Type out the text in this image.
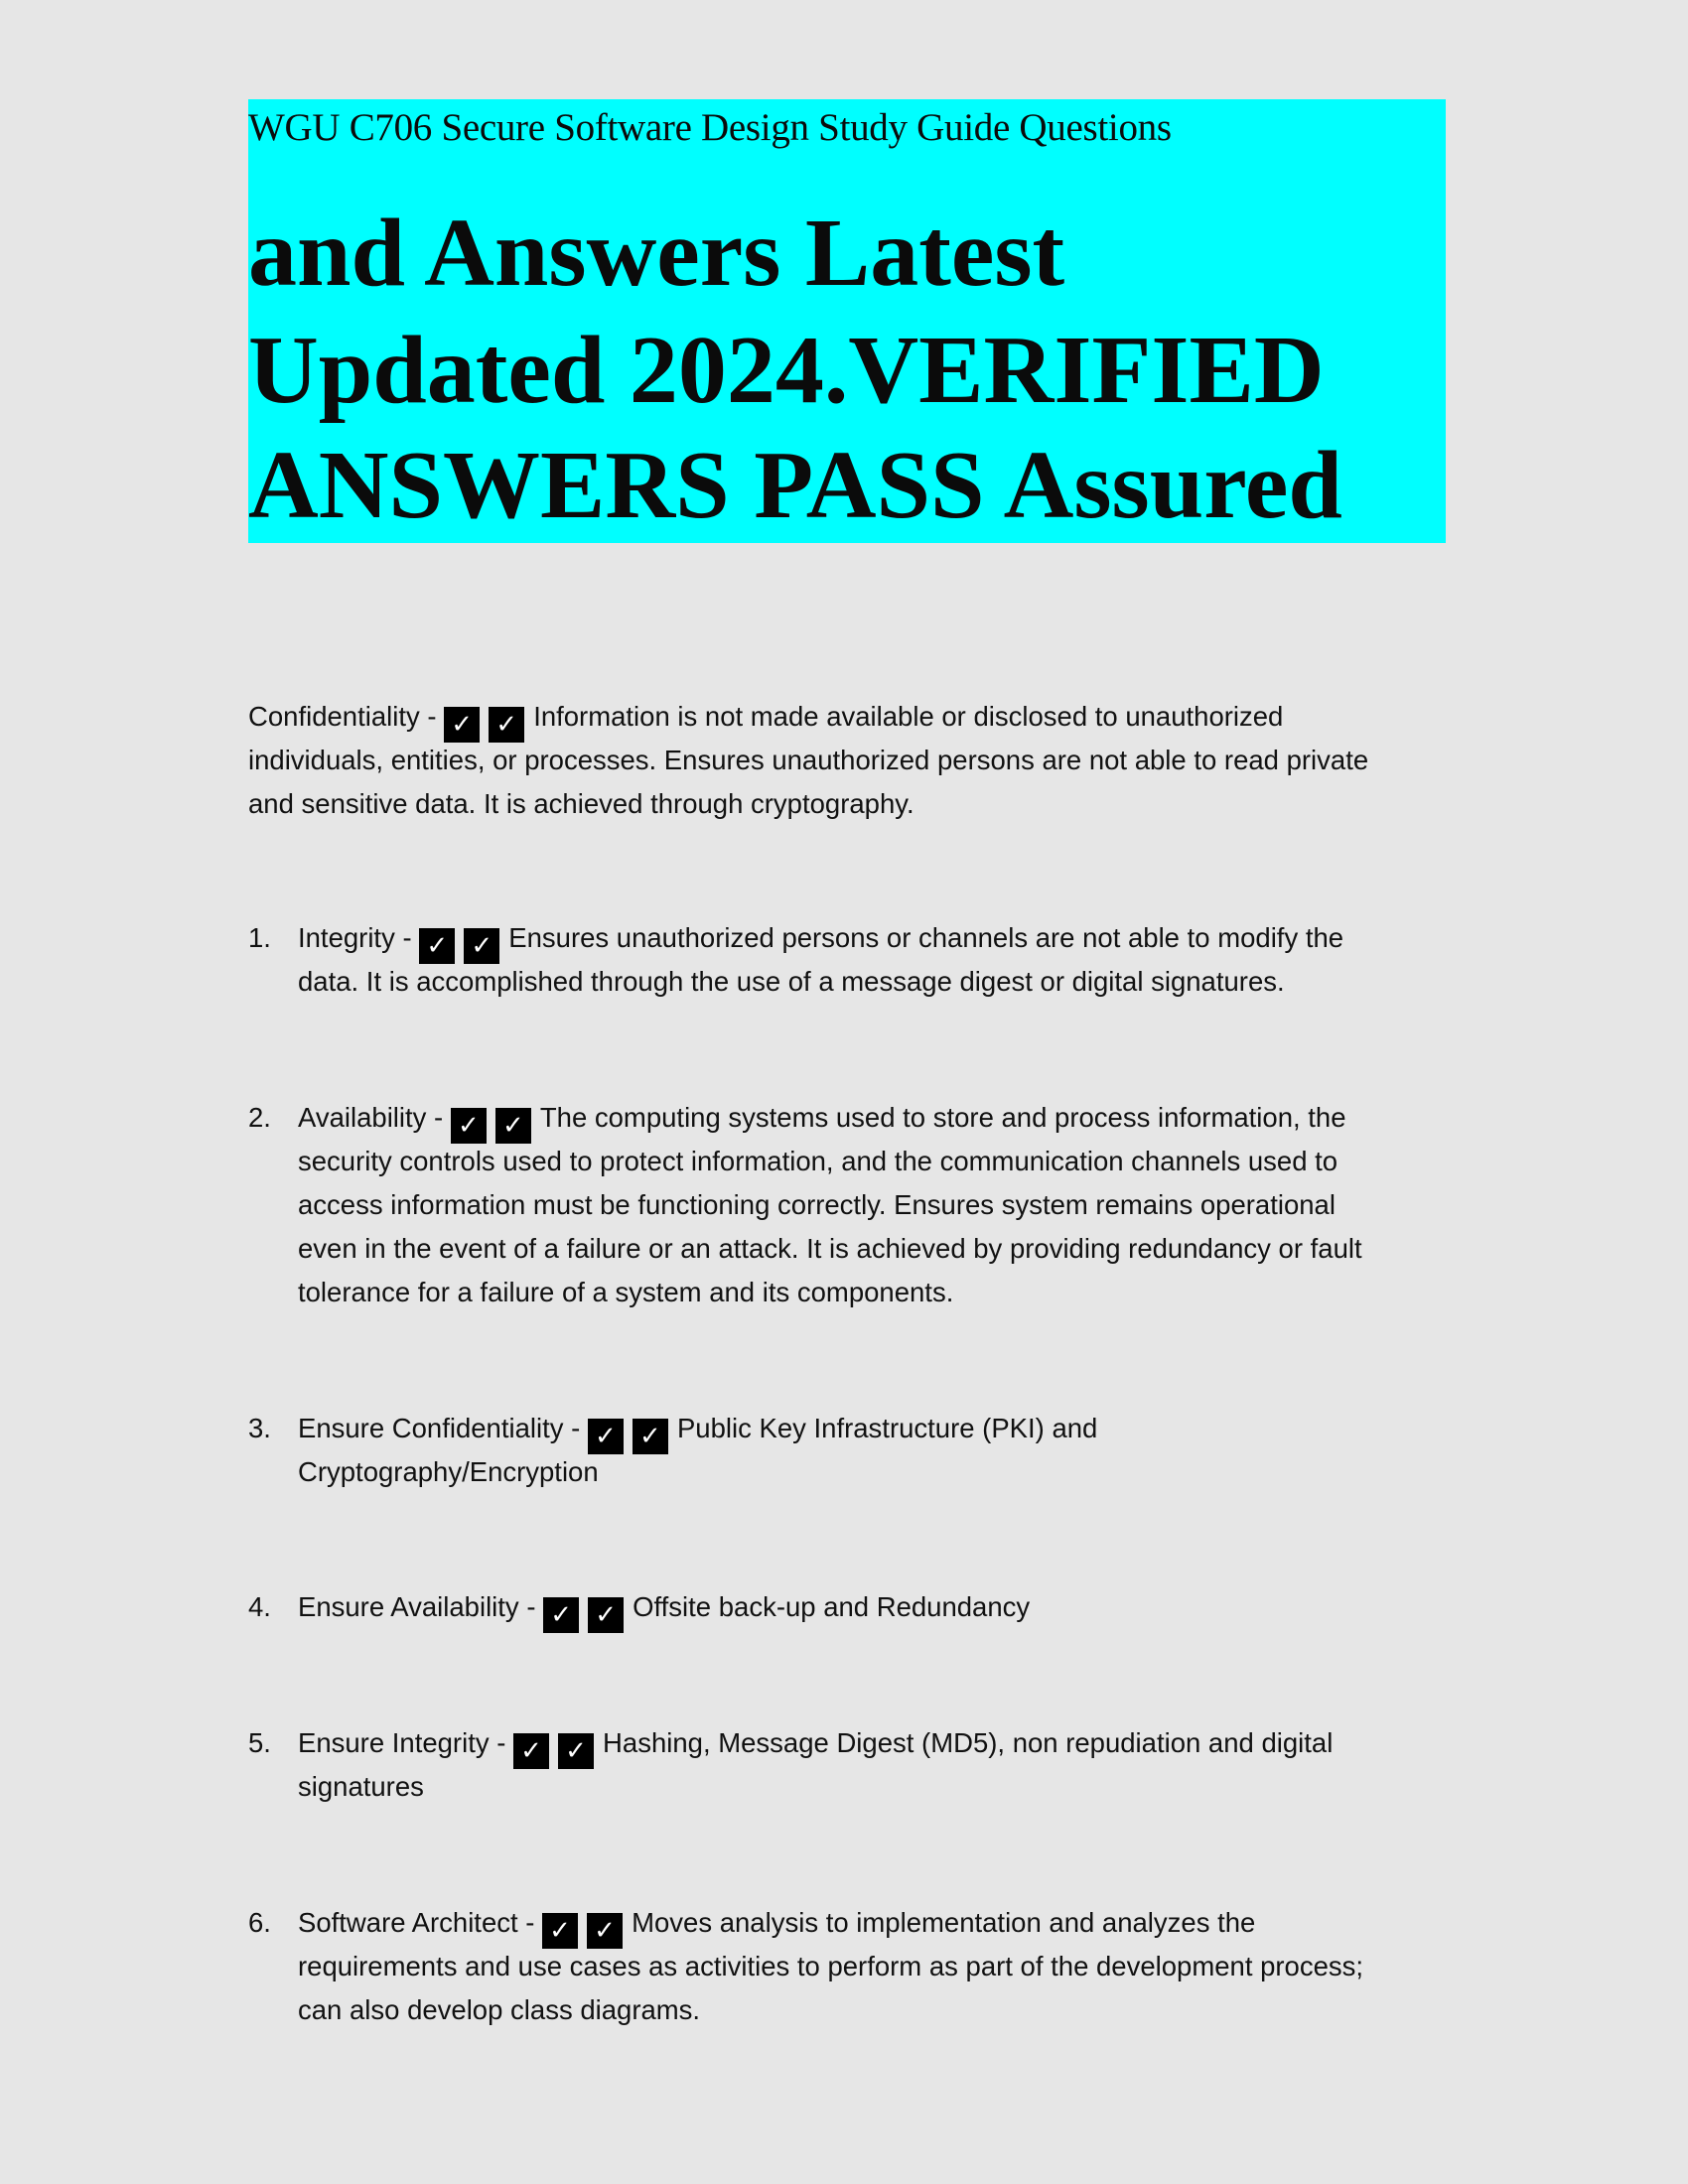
WGU C706 Secure Software Design Study Guide Questions
and Answers Latest
Updated 2024.VERIFIED
ANSWERS PASS Assured
Confidentiality - ✓ ✓ Information is not made available or disclosed to unauthorized
individuals, entities, or processes. Ensures unauthorized persons are not able to read private
and sensitive data. It is achieved through cryptography.
1. Integrity - ✓ ✓ Ensures unauthorized persons or channels are not able to modify the
data. It is accomplished through the use of a message digest or digital signatures.
2. Availability - ✓ ✓ The computing systems used to store and process information, the
security controls used to protect information, and the communication channels used to
access information must be functioning correctly. Ensures system remains operational
even in the event of a failure or an attack. It is achieved by providing redundancy or fault
tolerance for a failure of a system and its components.
3. Ensure Confidentiality - ✓ ✓ Public Key Infrastructure (PKI) and
Cryptography/Encryption
4. Ensure Availability - ✓ ✓ Offsite back-up and Redundancy
5. Ensure Integrity - ✓ ✓ Hashing, Message Digest (MD5), non repudiation and digital
signatures
6. Software Architect - ✓ ✓ Moves analysis to implementation and analyzes the
requirements and use cases as activities to perform as part of the development process;
can also develop class diagrams.
